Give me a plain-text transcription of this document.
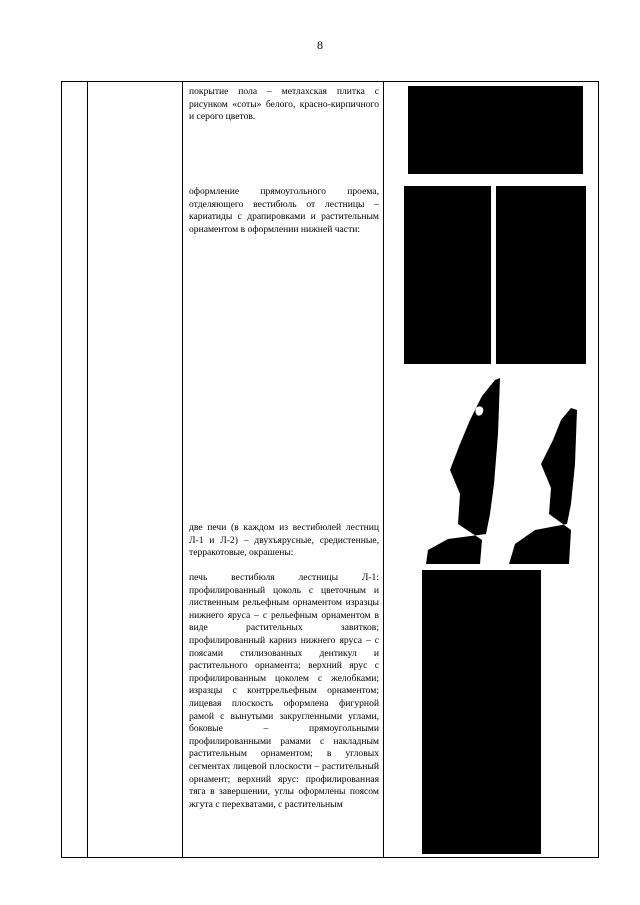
8

покрытие пола – метлахская плитка с рисунком «соты» белого, красно-кирпичного и серого цветов.

оформление прямоугольного проема, отделяющего вестибюль от лестницы – кариатиды с драпировками и растительным орнаментом в оформлении нижней части:

две печи (в каждом из вестибюлей лестниц Л-1 и Л-2) – двухъярусные, средистенные, терракотовые, окрашены:

печь вестибюля лестницы Л-1: профилированный цоколь с цветочным и лиственным рельефным орнаментом изразцы нижнего яруса – с рельефным орнаментом в виде растительных завитков; профилированный карниз нижнего яруса – с поясами стилизованных дентикул и растительного орнамента; верхний ярус с профилированным цоколем с желобками; изразцы с контррельефным орнаментом; лицевая плоскость оформлена фигурной рамой с вынутыми закругленными углами, боковые – прямоугольными профилированными рамами с накладным растительным орнаментом; в угловых сегментах лицевой плоскости – растительный орнамент; верхний ярус: профилированная тяга в завершении, углы оформлены поясом жгута с перехватами, с растительным
